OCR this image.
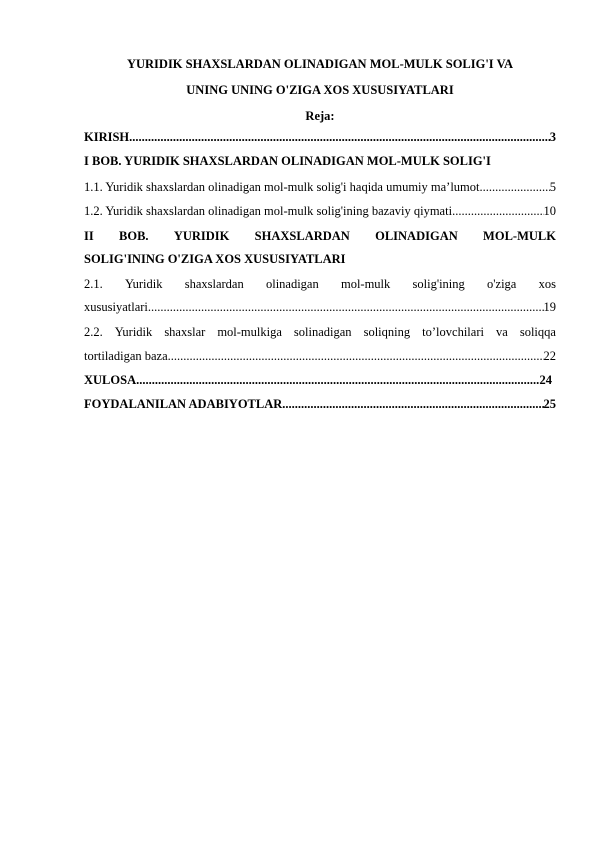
YURIDIK SHAXSLARDAN OLINADIGAN MOL-MULK SOLIG'I VA
UNING UNING O'ZIGA XOS XUSUSIYATLARI
Reja:
KIRISH .....	3
I BOB. YURIDIK SHAXSLARDAN OLINADIGAN MOL-MULK SOLIG'I
1.1. Yuridik shaxslardan olinadigan mol-mulk solig'i haqida umumiy ma’lumot .....	5
1.2. Yuridik shaxslardan olinadigan mol-mulk solig'ining bazaviy qiymati .....	10
II BOB. YURIDIK SHAXSLARDAN OLINADIGAN MOL-MULK
SOLIG'INING O'ZIGA XOS XUSUSIYATLARI
2.1. Yuridik shaxslardan olinadigan mol-mulk solig'ining o'ziga xos
xususiyatlari .....	19
2.2. Yuridik shaxslar mol-mulkiga solinadigan soliqning to’lovchilari va soliqqa
tortiladigan baza .....	22
XULOSA .....	24
FOYDALANILAN ADABIYOTLAR .....	25
